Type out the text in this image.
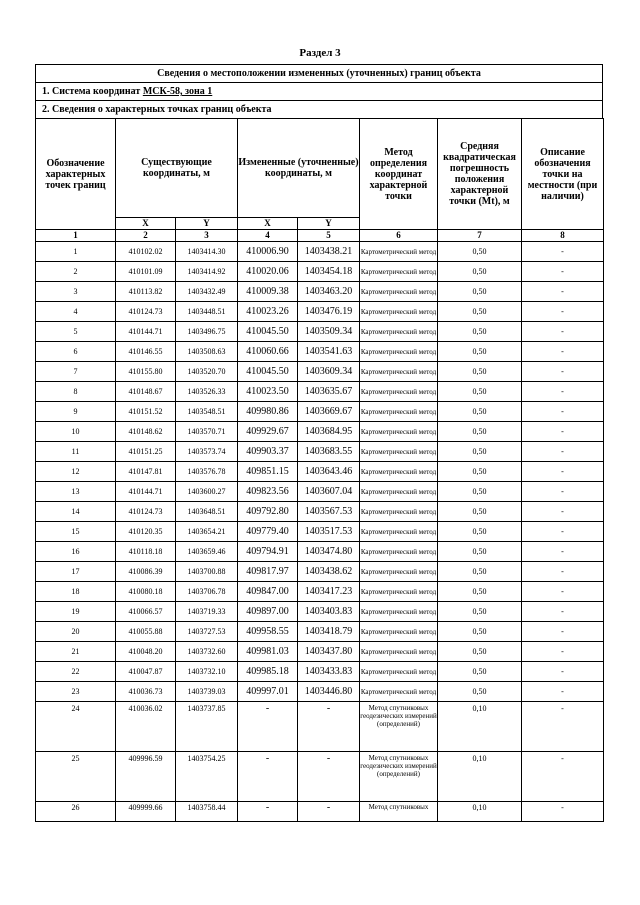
Раздел 3
Сведения о местоположении измененных (уточненных) границ объекта
1. Система координат МСК-58, зона 1
2. Сведения о характерных точках границ объекта
Обозначение характерных точек границ	Существующие координаты, м		Измененные (уточненные) координаты, м		Метод определения координат характерной точки	Средняя квадратическая погрешность положения характерной точки (Mt), м	Описание обозначения точки на местности (при наличии)
	X	Y	X	Y			
1	2	3	4	5	6	7	8
1	410102.02	1403414.30	410006.90	1403438.21	Картометрический метод	0,50	-
2	410101.09	1403414.92	410020.06	1403454.18	Картометрический метод	0,50	-
3	410113.82	1403432.49	410009.38	1403463.20	Картометрический метод	0,50	-
4	410124.73	1403448.51	410023.26	1403476.19	Картометрический метод	0,50	-
5	410144.71	1403496.75	410045.50	1403509.34	Картометрический метод	0,50	-
6	410146.55	1403508.63	410060.66	1403541.63	Картометрический метод	0,50	-
7	410155.80	1403520.70	410045.50	1403609.34	Картометрический метод	0,50	-
8	410148.67	1403526.33	410023.50	1403635.67	Картометрический метод	0,50	-
9	410151.52	1403548.51	409980.86	1403669.67	Картометрический метод	0,50	-
10	410148.62	1403570.71	409929.67	1403684.95	Картометрический метод	0,50	-
11	410151.25	1403573.74	409903.37	1403683.55	Картометрический метод	0,50	-
12	410147.81	1403576.78	409851.15	1403643.46	Картометрический метод	0,50	-
13	410144.71	1403600.27	409823.56	1403607.04	Картометрический метод	0,50	-
14	410124.73	1403648.51	409792.80	1403567.53	Картометрический метод	0,50	-
15	410120.35	1403654.21	409779.40	1403517.53	Картометрический метод	0,50	-
16	410118.18	1403659.46	409794.91	1403474.80	Картометрический метод	0,50	-
17	410086.39	1403700.88	409817.97	1403438.62	Картометрический метод	0,50	-
18	410080.18	1403706.78	409847.00	1403417.23	Картометрический метод	0,50	-
19	410066.57	1403719.33	409897.00	1403403.83	Картометрический метод	0,50	-
20	410055.88	1403727.53	409958.55	1403418.79	Картометрический метод	0,50	-
21	410048.20	1403732.60	409981.03	1403437.80	Картометрический метод	0,50	-
22	410047.87	1403732.10	409985.18	1403433.83	Картометрический метод	0,50	-
23	410036.73	1403739.03	409997.01	1403446.80	Картометрический метод	0,50	-
24	410036.02	1403737.85	-	-	Метод спутниковых геодезических измерений (определений)	0,10	-
25	409996.59	1403754.25	-	-	Метод спутниковых геодезических измерений (определений)	0,10	-
26	409999.66	1403758.44	-	-	Метод спутниковых	0,10	-
